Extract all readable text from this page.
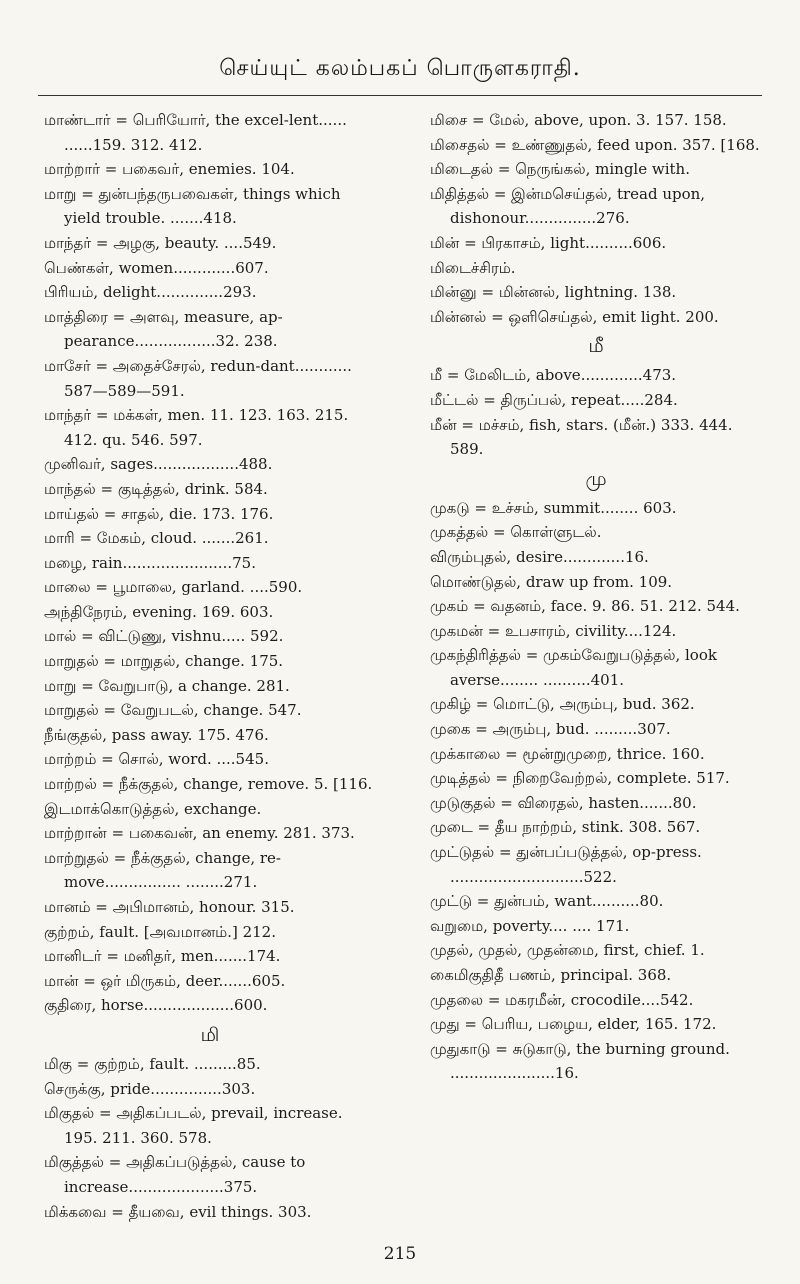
செய்யுட் கலம்பகப் பொருளகராதி.

மாண்டார் = பெரியோர், the excel-lent...... ......159. 312. 412.

மாற்றார் = பகைவர், enemies. 104.

மாறு = துன்பந்தருபவைகள், things which yield trouble. .......418.

மாந்தர் = அழகு, beauty. ....549.

பெண்கள், women.............607.

பிரியம், delight..............293.

மாத்திரை = அளவு, measure, ap-pearance.................32. 238.

மாசேர் = அதைச்சேரல், redun-dant............ 587—589—591.

மாந்தர் = மக்கள், men. 11. 123. 163. 215. 412. qu. 546. 597.

முனிவர், sages..................488.

மாந்தல் = குடித்தல், drink. 584.

மாய்தல் = சாதல், die. 173. 176.

மாரி = மேகம், cloud. .......261.

மழை, rain.......................75.

மாலை = பூமாலை, garland. ....590.

அந்திநேரம், evening. 169. 603.

மால் = விட்டுணு, vishnu..... 592.

மாறுதல் = மாறுதல், change. 175.

மாறு = வேறுபாடு, a change. 281.

மாறுதல் = வேறுபடல், change. 547.

நீங்குதல், pass away. 175. 476.

மாற்றம் = சொல், word. ....545.

மாற்றல் = நீக்குதல், change, remove. 5. [116.

இடமாக்கொடுத்தல், exchange.

மாற்றான் = பகைவன், an enemy. 281. 373.

மாற்றுதல் = நீக்குதல், change, re-move................ ........271.

மானம் = அபிமானம், honour. 315.

குற்றம், fault. [அவமானம்.] 212.

மானிடர் = மனிதர், men.......174.

மான் = ஒர் மிருகம், deer.......605.

குதிரை, horse...................600.

மி

மிகு = குற்றம், fault. .........85.

செருக்கு, pride...............303.

மிகுதல் = அதிகப்படல், prevail, increase. 195. 211. 360. 578.

மிகுத்தல் = அதிகப்படுத்தல், cause to increase....................375.

மிக்கவை = தீயவை, evil things. 303.

மிசை = மேல், above, upon. 3. 157. 158.

மிசைதல் = உண்ணுதல், feed upon. 357. [168.

மிடைதல் = நெருங்கல், mingle with.

மிதித்தல் = இன்மசெய்தல், tread upon, dishonour...............276.

மின் = பிரகாசம், light..........606.

மிடைச்சிரம்.

மின்னு = மின்னல், lightning. 138.

மின்னல் = ஒளிசெய்தல், emit light. 200.

மீ

மீ = மேலிடம், above.............473.

மீட்டல் = திருப்பல், repeat.....284.

மீன் = மச்சம், fish, stars. (மீன்.) 333. 444. 589.

மு

முகடு = உச்சம், summit........ 603.

முகத்தல் = கொள்ளுடல்.

விரும்புதல், desire.............16.

மொண்டுதல், draw up from. 109.

முகம் = வதனம், face. 9. 86. 51. 212. 544.

முகமன் = உபசாரம், civility....124.

முகந்திரித்தல் = முகம்வேறுபடுத்தல், look averse........ ..........401.

முகிழ் = மொட்டு, அரும்பு, bud. 362.

முகை = அரும்பு, bud. .........307.

முக்காலை = மூன்றுமுறை, thrice. 160.

முடித்தல் = நிறைவேற்றல், complete. 517.

முடுகுதல் = விரைதல், hasten.......80.

முடை = தீய நாற்றம், stink. 308. 567.

முட்டுதல் = துன்பப்படுத்தல், op-press. ............................522.

முட்டு = துன்பம், want..........80.

வறுமை, poverty.... .... 171.

முதல், முதல், முதன்மை, first, chief. 1.

கைமிகுதிதீ பணம், principal. 368.

முதலை = மகரமீன், crocodile....542.

முது = பெரிய, பழைய, elder, 165. 172.

முதுகாடு = சுடுகாடு, the burning ground. ......................16.

215
